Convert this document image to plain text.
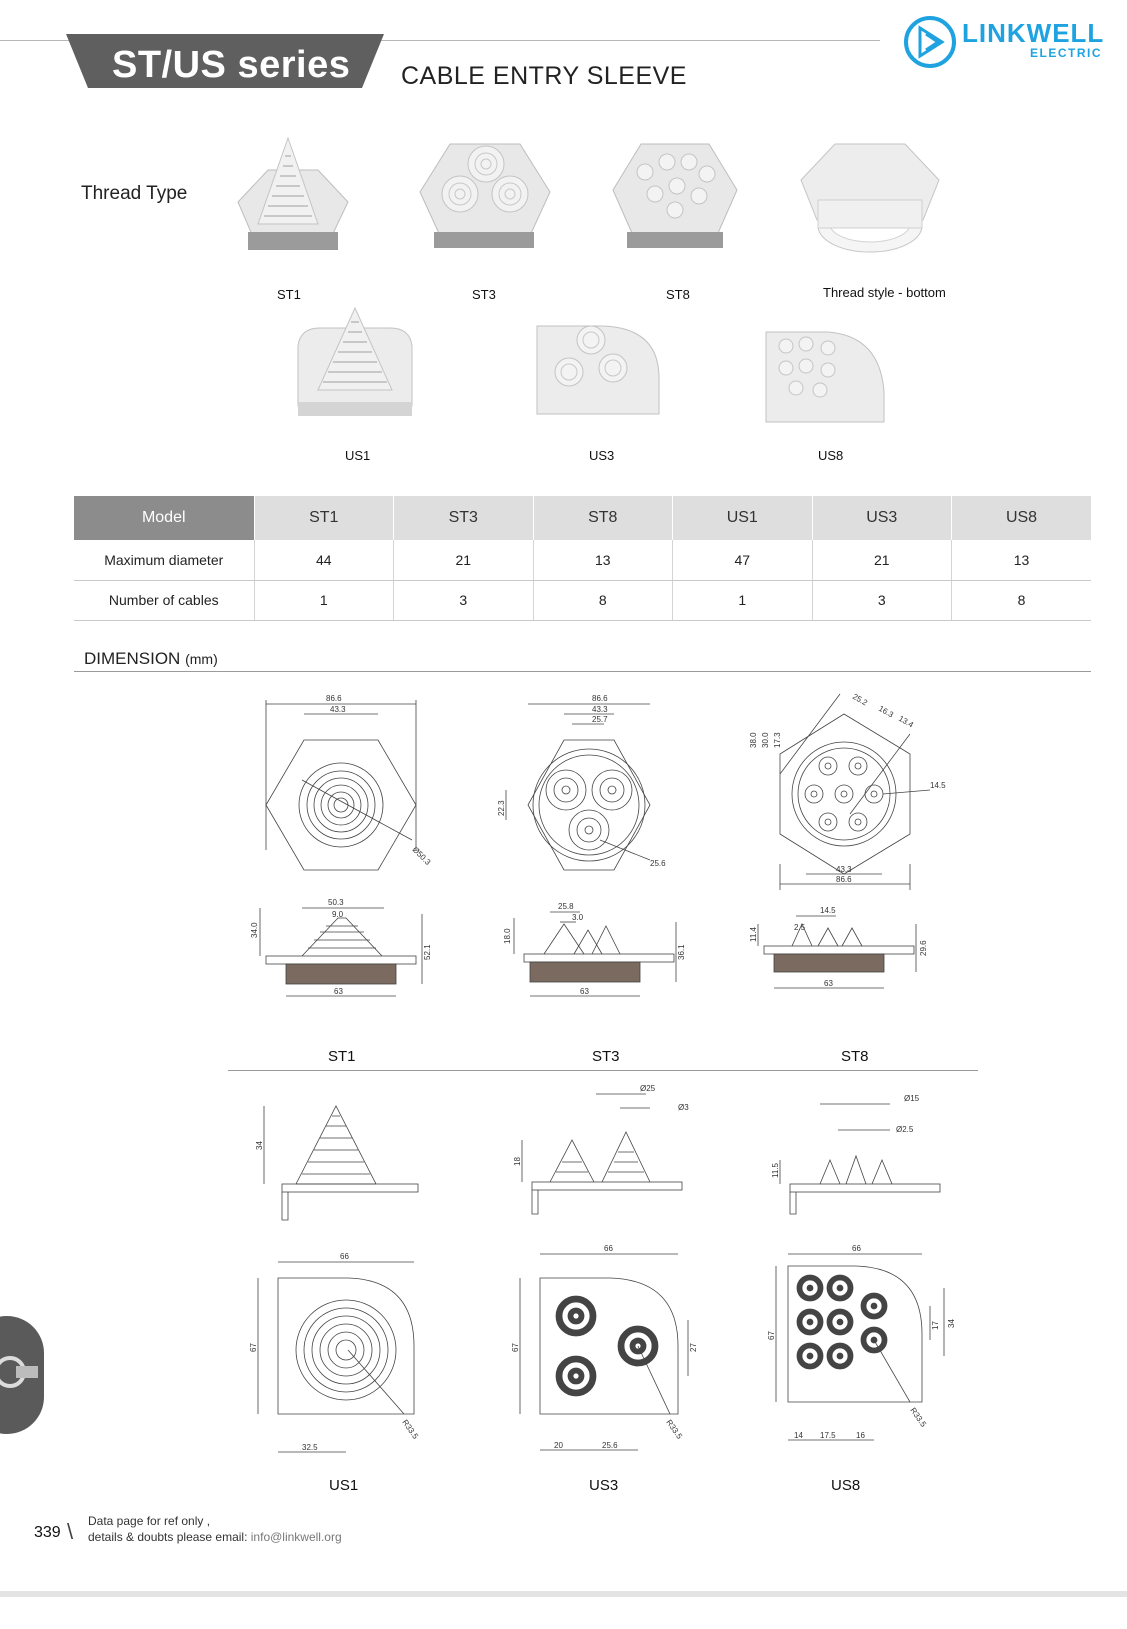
ST/US series CABLE ENTRY SLEEVE
LINKWELL
ELECTRIC
Thread Type
ST1	ST3	ST8	Thread style - bottom
US1	US3	US8
Model	ST1	ST3	ST8	US1	US3	US8
Maximum diameter	44	21	13	47	21	13
Number of cables	1	3	8	1	3	8
DIMENSION (mm)
86.6
43.3
Ø50.3
50.3
9.0
63
34.0
52.1
ST1
86.6
43.3
25.7
22.3
25.6
25.8
3.0
63
18.0
36.1
ST3
25.2
16.3
13.4
38.0 30.0 17.3
14.5
43.3
86.6
14.5
2.5
63
11.4
29.6
ST8
34
66
67
R33.5
32.5
US1
Ø25
Ø3
18
66
67	27
R33.5
20	25.6
US3
Ø15
Ø2.5
11.5
66
67
17 34
R33.5
14 17.5	16
US8
339 \ Data page for ref only ,
details & doubts please email: info@linkwell.org
